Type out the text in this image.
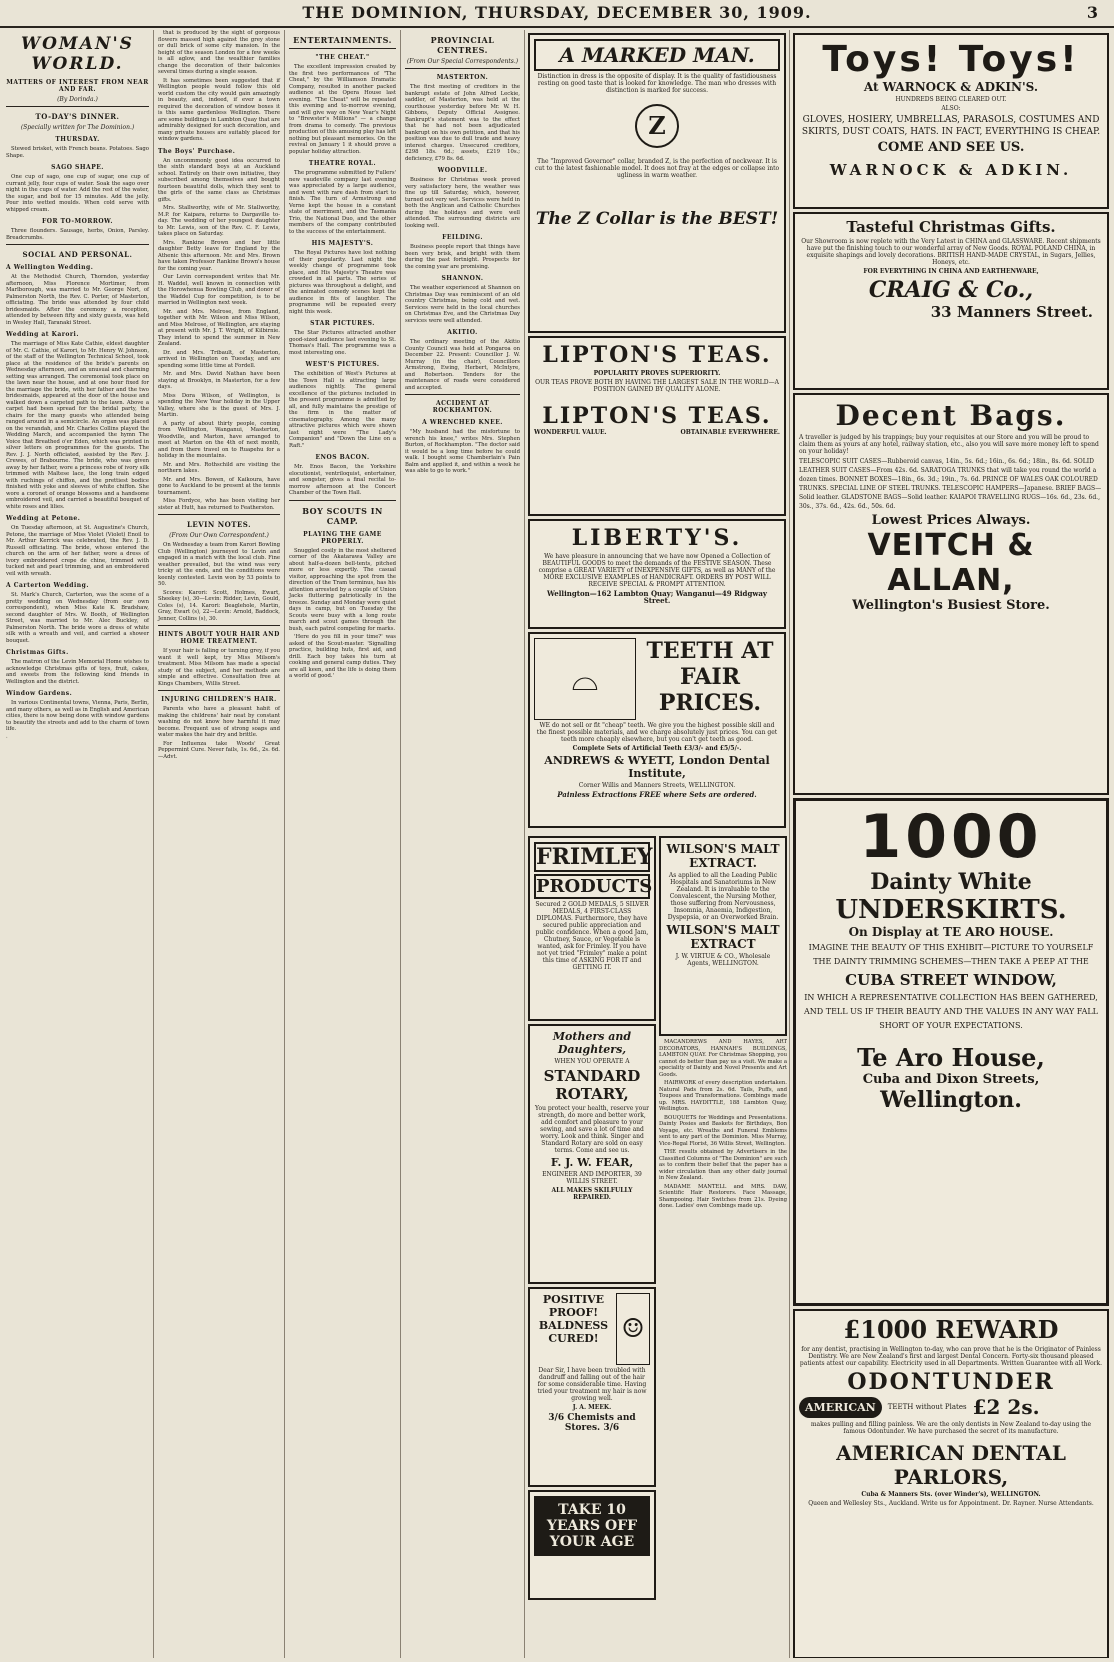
THE DOMINION, THURSDAY, DECEMBER 30, 1909.	3
WOMAN'S WORLD.
MATTERS OF INTEREST FROM NEAR AND FAR.
(By Dorinda.)
TO-DAY'S DINNER.
(Specially written for The Dominion.)
THURSDAY.

Stewed brisket, with French beans. Potatoes. Sago Shape.

SAGO SHAPE.

One cup of sago, one cup of sugar, one cup of currant jelly, four cups of water. Soak the sago over night in the cups of water. Add the rest of the water, the sugar, and boil for 15 minutes. Add the jelly. Pour into wetted moulds. When cold serve with whipped cream.

FOR TO-MORROW.

Three flounders. Sausage, herbs, Onion, Parsley. Breadcrumbs.

SOCIAL AND PERSONAL.
A Wellington Wedding.

At the Methodist Church, Thorndon, yesterday afternoon, Miss Florence Mortimer, from Marlborough, was married to Mr. George Nort, of Palmerston North, the Rev. C. Porter, of Masterton, officiating. The bride was attended by four child bridesmaids. After the ceremony a reception, attended by between fifty and sixty guests, was held in Wesley Hall, Taranaki Street.

Wedding at Karori.

The marriage of Miss Kate Cathie, eldest daughter of Mr. C. Cathie, of Karori, to Mr. Henry W. Johnson, of the staff of the Wellington Technical School, took place at the residence of the bride's parents on Wednesday afternoon, and an unusual and charming setting was arranged. The ceremonial took place on the lawn near the house, and at one hour fixed for the marriage the bride, with her father and the two bridesmaids, appeared at the door of the house and walked down a carpeted path to the lawn. Above a carpet had been spread for the bridal party, the chairs for the many guests who attended being ranged around in a semicircle. An organ was placed on the verandah, and Mr. Charles Collins played the Wedding March, and accompanied the hymn The Voice that Breathed o'er Eden, which was printed in silver letters on programmes for the guests. The Rev. J. J. North officiated, assisted by the Rev. J. Crewes, of Brabourne. The bride, who was given away by her father, wore a princess robe of ivory silk trimmed with Maltese lace, the long train edged with ruchings of chiffon, and the prettiest bodice finished with yoke and sleeves of white chiffon. She wore a coronet of orange blossoms and a handsome embroidered veil, and carried a beautiful bouquet of white roses and lilies.

Wedding at Petone.

On Tuesday afternoon, at St. Augustine's Church, Petone, the marriage of Miss Violet (Violet) Enoil to Mr. Arthur Kerrick was celebrated, the Rev. J. D. Russell officiating. The bride, whose entered the church on the arm of her father, wore a dress of ivory embroidered crepe de chine, trimmed with tucked net and pearl trimming, and an embroidered veil with wreath.

A Carterton Wedding.

St. Mark's Church, Carterton, was the scene of a pretty wedding on Wednesday (from our own correspondent), when Miss Kate K. Bradshaw, second daughter of Mrs. W. Booth, of Wellington Street, was married to Mr. Alec Buckley, of Palmerston North. The bride wore a dress of white silk with a wreath and veil, and carried a shower bouquet.

Christmas Gifts.

The matron of the Levin Memorial Home wishes to acknowledge Christmas gifts of toys, fruit, cakes, and sweets from the following kind friends in Wellington and the district.

Window Gardens.

In various Continental towns, Vienna, Paris, Berlin, and many others, as well as in English and American cities, there is now being done with window gardens to beautify the streets and add to the charm of town life.

·

that is produced by the sight of gorgeous flowers massed high against the grey stone or dull brick of some city mansion. In the height of the season London for a few weeks is all aglow, and the wealthier families change the decoration of their balconies several times during a single season.

It has sometimes been suggested that if Wellington people would follow this old world custom the city would gain amazingly in beauty, and, indeed, if ever a town required the decoration of window boxes it is this same gardenless Wellington. There are some buildings in Lambton Quay that are admirably designed for such decoration, and many private houses are suitably placed for window gardens.

The Boys' Purchase.

An unconmmonly good idea occurred to the sixth standard boys at an Auckland school. Entirely on their own initiative, they subscribed among themselves and bought fourteen beautiful dolls, which they sent to the girls of the same class as Christmas gifts.

Mrs. Stallworthy, wife of Mr. Stallworthy, M.P. for Kaipara, returns to Dargaville to-day. The wedding of her youngest daughter to Mr. Lewis, son of the Rev. C. F. Lewis, takes place on Saturday.

Mrs. Rankine Brown and her little daughter Betty leave for England by the Athenic this afternoon. Mr. and Mrs. Brown have taken Professor Rankine Brown's house for the coming year.

Our Levin correspondent writes that Mr. H. Waddel, well known in connection with the Horowhenua Bowling Club, and donor of the Waddel Cup for competition, is to be married in Wellington next week.

Mr. and Mrs. Melrose, from England, together with Mr. Wilson and Miss Wilson, and Miss Melrose, of Wellington, are staying at present with Mr. J. T. Wright, of Kilbirnie. They intend to spend the summer in New Zealand.

Dr. and Mrs. Tribault, of Masterton, arrived in Wellington on Tuesday, and are spending some little time at Fordell.

Mr. and Mrs. David Nathan have been staying at Brooklyn, in Masterton, for a few days.

Miss Dora Wilson, of Wellington, is spending the New Year holiday in the Upper Valley, where she is the guest of Mrs. J. Martin.

A party of about thirty people, coming from Wellington, Wanganui, Masterton, Woodville, and Marton, have arranged to meet at Marton on the 4th of next month, and from there travel on to Ruapehu for a holiday in the mountains.

Mr. and Mrs. Rothschild are visiting the northern lakes.

Mr. and Mrs. Bowen, of Kaikoura, have gone to Auckland to be present at the tennis tournament.

Miss Fordyce, who has been visiting her sister at Hutt, has returned to Featherston.

LEVIN NOTES.
(From Our Own Correspondent.)

On Wednesday a team from Karori Bowling Club (Wellington) journeyed to Levin and engaged in a match with the local club. Fine weather prevailed, but the wind was very tricky at the ends, and the conditions were keenly contested. Levin won by 53 points to 50.

Scores: Karori: Scott, Holmes, Ewart, Sheekey (s), 30—Levin: Ridder, Levin, Gould, Coles (s), 14. Karori: Beaglehole, Martin, Gray, Ewart (s), 22—Levin: Arnold, Baddock, Jenner, Collins (s), 30.

HINTS ABOUT YOUR HAIR AND HOME TREATMENT.

If your hair is falling or turning grey, if you want it well kept, try Miss Milsom's treatment. Miss Milsom has made a special study of the subject, and her methods are simple and effective. Consultation free at Kings Chambers, Willis Street.

INJURING CHILDREN'S HAIR.

Parents who have a pleasant habit of making the childrens' hair neat by constant washing do not know how harmful it may become. Frequent use of strong soaps and water makes the hair dry and brittle.

For Influenza take Woods' Great Peppermint Cure. Never fails, 1s. 6d., 2s. 6d.—Advt.

ENTERTAINMENTS.
"THE CHEAT."

The excellent impression created by the first two performances of "The Cheat," by the Williamson Dramatic Company, resulted in another packed audience at the Opera House last evening. "The Cheat" will be repeated this evening and to-morrow evening, and will give way on New Year's Night to "Brewster's Millions" — a change from drama to comedy. The previous production of this amusing play has left nothing but pleasant memories. On the revival on January 1 it should prove a popular holiday attraction.

THEATRE ROYAL.

The programme submitted by Fullers' new vaudeville company last evening was appreciated by a large audience, and went with rare dash from start to finish. The turn of Armstrong and Verne kept the house in a constant state of merriment, and the Tasmania Trio, the National Duo, and the other members of the company contributed to the success of the entertainment.

HIS MAJESTY'S.

The Royal Pictures have lost nothing of their popularity. Last night the weekly change of programme took place, and His Majesty's Theatre was crowded in all parts. The series of pictures was throughout a delight, and the animated comedy scenes kept the audience in fits of laughter. The programme will be repeated every night this week.

STAR PICTURES.

The Star Pictures attracted another good-sized audience last evening to St. Thomas's Hall. The programme was a most interesting one.

WEST'S PICTURES.

The exhibition of West's Pictures at the Town Hall is attracting large audiences nightly. The general excellence of the pictures included in the present programme is admitted by all, and fully maintains the prestige of the firm in the matter of cinematography. Among the many attractive pictures which were shown last night were "The Lady's Companion" and "Down the Line on a Raft."

ENOS BACON.

Mr. Enos Bacon, the Yorkshire elocutionist, ventriloquist, entertainer, and songster, gives a final recital to-morrow afternoon at the Concert Chamber of the Town Hall.

BOY SCOUTS IN CAMP.
PLAYING THE GAME PROPERLY.

Snuggled cosily in the most sheltered corner of the Akatarawa Valley are about half-a-dozen bell-tents, pitched more or less expertly. The casual visitor, approaching the spot from the direction of the Tram terminus, has his attention arrested by a couple of Union Jacks fluttering patriotically in the breeze. Sunday and Monday were quiet days in camp, but on Tuesday the Scouts were busy with a long route march and scout games through the bush, each patrol competing for marks.

'Here do you fill in your time?' was asked of the Scout-master. 'Signalling practice, building huts, first aid, and drill. Each boy takes his turn at cooking and general camp duties. They are all keen, and the life is doing them a world of good.'

PROVINCIAL CENTRES.
(From Our Special Correspondents.)
MASTERTON.

The first meeting of creditors in the bankrupt estate of John Alfred Leckie, saddler, of Masterton, was held at the courthouse yesterday before Mr. W. H. Gibbons, Deputy Official Assignee. Bankrupt's statement was to the effect that he had not been adjudicated bankrupt on his own petition, and that his position was due to dull trade and heavy interest charges. Unsecured creditors, £298 18s. 6d.; assets, £219 10s.; deficiency, £79 8s. 6d.

WOODVILLE.

Business for Christmas week proved very satisfactory here, the weather was fine up till Saturday, which, however, turned out very wet. Services were held in both the Anglican and Catholic Churches during the holidays and were well attended. The surrounding districts are looking well.

FEILDING.

Business people report that things have been very brisk, and bright with them during the past fortnight. Prospects for the coming year are promising.

SHANNON.

The weather experienced at Shannon on Christmas Day was reminiscent of an old country Christmas, being cold and wet. Services were held in the local churches on Christmas Eve, and the Christmas Day services were well attended.

AKITIO.

The ordinary meeting of the Akitio County Council was held at Pongaroa on December 22. Present: Councillor J. W. Murray (in the chair), Councillors Armstrong, Ewing, Herbert, McIntyre, and Robertson. Tenders for the maintenance of roads were considered and accepted.

ACCIDENT AT ROCKHAMTON.
A WRENCHED KNEE.

"My husband had the misfortune to wrench his knee," writes Mrs. Stephen Burton, of Rockhampton. "The doctor said it would be a long time before he could walk. I bought some Chamberlain's Pain Balm and applied it, and within a week he was able to go to work."

A MARKED MAN.
Distinction in dress is the opposite of display. It is the quality of fastidiousness resting on good taste that is looked for knowledge. The man who dresses with distinction is marked for success.
Z
The "Improved Governor" collar, branded Z, is the perfection of neckwear. It is cut to the latest fashionable model. It does not fray at the edges or collapse into ugliness in warm weather.
The Z Collar is the BEST!
LIPTON'S TEAS.
POPULARITY PROVES SUPERIORITY.
OUR TEAS PROVE BOTH BY HAVING THE LARGEST SALE IN THE WORLD—A POSITION GAINED BY QUALITY ALONE.
LIPTON'S TEAS.
WONDERFUL VALUE.	OBTAINABLE EVERYWHERE.
LIBERTY'S.
We have pleasure in announcing that we have now Opened a Collection of BEAUTIFUL GOODS to meet the demands of the FESTIVE SEASON. These comprise a GREAT VARIETY of INEXPENSIVE GIFTS, as well as MANY of the MORE EXCLUSIVE EXAMPLES of HANDICRAFT. ORDERS BY POST WILL RECEIVE SPECIAL & PROMPT ATTENTION.
Wellington—162 Lambton Quay; Wanganui—49 Ridgway Street.
⌓
TEETH AT FAIR PRICES.
WE do not sell or fit "cheap" teeth. We give you the highest possible skill and the finest possible materials, and we charge absolutely just prices. You can get teeth more cheaply elsewhere, but you can't get teeth as good.
Complete Sets of Artificial Teeth £3/3/- and £5/5/-.
ANDREWS & WYETT, London Dental Institute,
Corner Willis and Manners Streets, WELLINGTON.
Painless Extractions FREE where Sets are ordered.
FRIMLEY
PRODUCTS
Secured 2 GOLD MEDALS, 5 SILVER MEDALS, 4 FIRST-CLASS DIPLOMAS. Furthermore, they have secured public appreciation and public confidence. When a good Jam, Chutney, Sauce, or Vegetable is wanted, ask for Frimley. If you have not yet tried "Frimley" make a point this time of ASKING FOR IT and GETTING IT.
Mothers and Daughters,
WHEN YOU OPERATE A
STANDARD ROTARY,
You protect your health, reserve your strength, do more and better work, add comfort and pleasure to your sewing, and save a lot of time and worry. Look and think. Singer and Standard Rotary are sold on easy terms. Come and see us.
F. J. W. FEAR,
ENGINEER AND IMPORTER, 39 WILLIS STREET.
ALL MAKES SKILFULLY REPAIRED.
POSITIVE PROOF!
BALDNESS CURED! ☺
Dear Sir, I have been troubled with dandruff and falling out of the hair for some considerable time. Having tried your treatment my hair is now growing well.
J. A. MEEK.
3/6 Chemists and Stores. 3/6
TAKE 10 YEARS OFF YOUR AGE
WILSON'S MALT EXTRACT.
As applied to all the Leading Public Hospitals and Sanatoriums in New Zealand. It is invaluable to the Convalescent, the Nursing Mother, those suffering from Nervousness, Insomnia, Anaemia, Indigestion, Dyspepsia, or an Overworked Brain.
WILSON'S MALT EXTRACT
J. W. VIRTUE & CO., Wholesale Agents, WELLINGTON.

MACANDREWS AND HAYES, ART DECORATORS, HANNAH'S BUILDINGS, LAMBTON QUAY. For Christmas Shopping, you cannot do better than pay us a visit. We make a speciality of Dainty and Novel Presents and Art Goods.

HAIRWORK of every description undertaken. Natural Pads from 2s. 6d. Tails, Puffs, and Toupees and Transformations. Combings made up. MRS. HAYDITTLE, 188 Lambton Quay, Wellington.

BOUQUETS for Weddings and Presentations. Dainty Posies and Baskets for Birthdays, Bon Voyage, etc. Wreaths and Funeral Emblems sent to any part of the Dominion. Miss Murray, Vice-Regal Florist, 36 Willis Street, Wellington.

THE results obtained by Advertisers in the Classified Columns of "The Dominion" are such as to confirm their belief that the paper has a wider circulation than any other daily journal in New Zealand.

MADAME MANTELL and MRS. DAW, Scientific Hair Restorers. Face Massage, Shampooing. Hair Switches from 21s. Dyeing done. Ladies' own Combings made up.

Toys! Toys!
At WARNOCK & ADKIN'S.
HUNDREDS BEING CLEARED OUT.
ALSO:
GLOVES, HOSIERY, UMBRELLAS, PARASOLS, COSTUMES AND SKIRTS, DUST COATS, HATS. IN FACT, EVERYTHING IS CHEAP.
COME AND SEE US.
WARNOCK & ADKIN.
Tasteful Christmas Gifts.
Our Showroom is now replete with the Very Latest in CHINA and GLASSWARE. Recent shipments have put the finishing touch to our wonderful array of New Goods. ROYAL POLAND CHINA, in exquisite shapings and lovely decorations. BRITISH HAND-MADE CRYSTAL, in Sugars, Jellies, Honeys, etc.
FOR EVERYTHING IN CHINA AND EARTHENWARE,
CRAIG & Co.,
33 Manners Street.
Decent Bags.
A traveller is judged by his trappings; buy your requisites at our Store and you will be proud to claim them as yours at any hotel, railway station, etc., also you will save more money left to spend on your holiday!
TELESCOPIC SUIT CASES—Rubberoid canvas, 14in., 5s. 6d.; 16in., 6s. 6d.; 18in., 8s. 6d. SOLID LEATHER SUIT CASES—From 42s. 6d. SARATOGA TRUNKS that will take you round the world a dozen times. BONNET BOXES—18in., 6s. 3d.; 19in., 7s. 6d. PRINCE OF WALES OAK COLOURED TRUNKS. SPECIAL LINE OF STEEL TRUNKS. TELESCOPIC HAMPERS—Japanese. BRIEF BAGS—Solid leather. GLADSTONE BAGS—Solid leather. KAIAPOI TRAVELLING RUGS—16s. 6d., 23s. 6d., 30s., 37s. 6d., 42s. 6d., 50s. 6d.
Lowest Prices Always.
VEITCH & ALLAN,
Wellington's Busiest Store.
1000
Dainty White
UNDERSKIRTS.
On Display at TE ARO HOUSE.
IMAGINE THE BEAUTY OF THIS EXHIBIT—PICTURE TO YOURSELF THE DAINTY TRIMMING SCHEMES—THEN TAKE A PEEP AT THE
CUBA STREET WINDOW,
IN WHICH A REPRESENTATIVE COLLECTION HAS BEEN GATHERED, AND TELL US IF THEIR BEAUTY AND THE VALUES IN ANY WAY FALL SHORT OF YOUR EXPECTATIONS.
Te Aro House,
Cuba and Dixon Streets,
Wellington.
£1000 REWARD
for any dentist, practising in Wellington to-day, who can prove that he is the Originator of Painless Dentistry. We are New Zealand's first and largest Dental Concern. Forty-six thousand pleased patients attest our capability. Electricity used in all Departments. Written Guarantee with all Work.
ODONTUNDER
AMERICAN	TEETH without Plates £2 2s.
makes pulling and filling painless. We are the only dentists in New Zealand to-day using the famous Odontunder. We have purchased the secret of its manufacture.
AMERICAN DENTAL PARLORS,
Cuba & Manners Sts. (over Winder's), WELLINGTON.
Queen and Wellesley Sts., Auckland. Write us for Appointment. Dr. Rayner. Nurse Attendants.
